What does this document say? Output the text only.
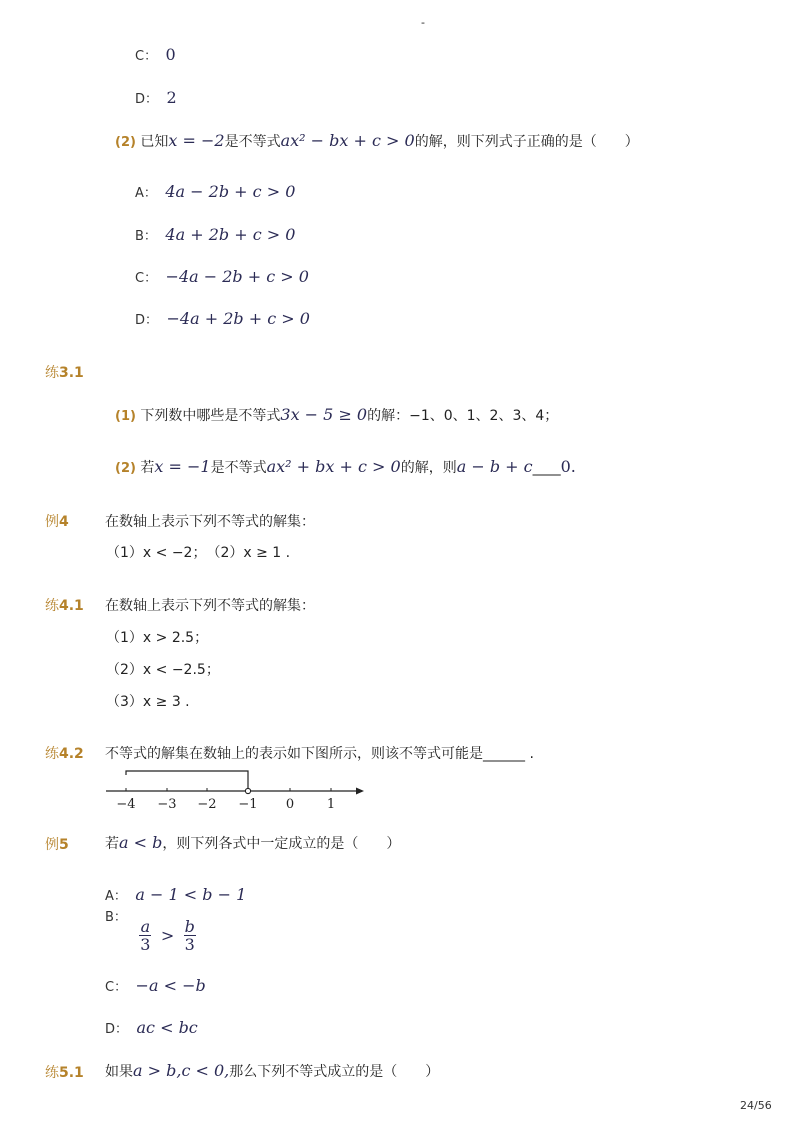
-
C： 0
D： 2
(2) 已知x = −2是不等式ax² − bx + c > 0的解，则下列式子正确的是（　　）
A： 4a − 2b + c > 0
B： 4a + 2b + c > 0
C： −4a − 2b + c > 0
D： −4a + 2b + c > 0
练3.1
(1) 下列数中哪些是不等式3x − 5 ≥ 0的解：−1、0、1、2、3、4；
(2) 若x = −1是不等式ax² + bx + c > 0的解，则a − b + c____0.
例4	在数轴上表示下列不等式的解集：
（1）x < −2；　（2）x ≥ 1 .
练4.1 在数轴上表示下列不等式的解集：
（1）x > 2.5；
（2）x < −2.5；
（3）x ≥ 3 .
练4.2 不等式的解集在数轴上的表示如下图所示，则该不等式可能是______ .
−4 −3 −2 −1 0	1
例5	若a < b，则下列各式中一定成立的是（　　）
A： a − 1 < b − 1
B：
$\frac{a}{3} > \frac{b}{3}$
C： −a < −b
D： ac < bc
练5.1 如果a > b,c < 0,那么下列不等式成立的是（　　）
24/56
